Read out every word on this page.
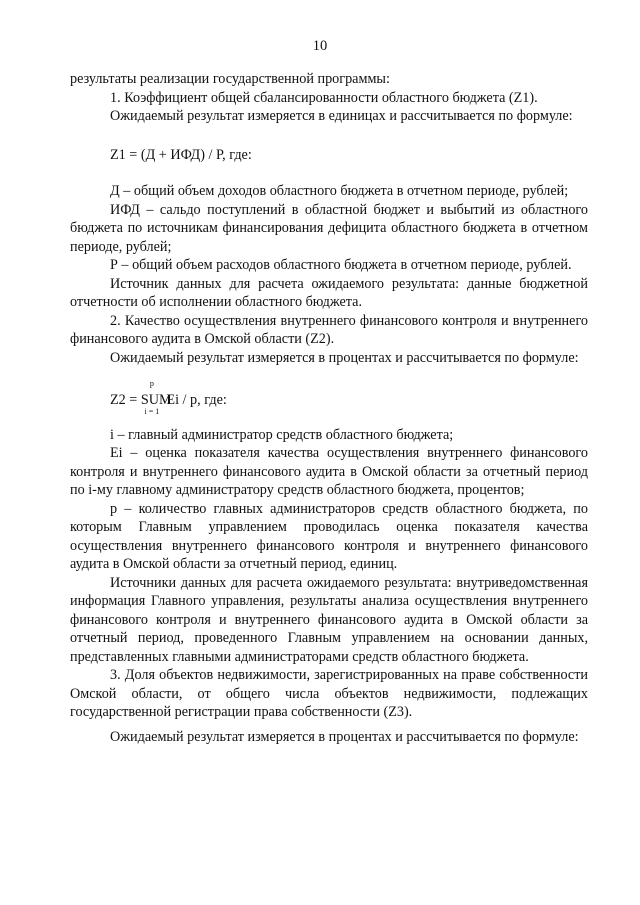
10

результаты реализации государственной программы:

1. Коэффициент общей сбалансированности областного бюджета (Z1).

Ожидаемый результат измеряется в единицах и рассчитывается по формуле:

Z1 = (Д + ИФД) / Р, где:

Д – общий объем доходов областного бюджета в отчетном периоде, рублей;

ИФД – сальдо поступлений в областной бюджет и выбытий из областного бюджета по источникам финансирования дефицита областного бюджета в отчетном периоде, рублей;

Р – общий объем расходов областного бюджета в отчетном периоде, рублей.

Источник данных для расчета ожидаемого результата: данные бюджетной отчетности об исполнении областного бюджета.

2. Качество осуществления внутреннего финансового контроля и внутреннего финансового аудита в Омской области (Z2).

Ожидаемый результат измеряется в процентах и рассчитывается по формуле:

Z2 =
p
SUM
i = 1
Ei / p, где:

i – главный администратор средств областного бюджета;

Ei – оценка показателя качества осуществления внутреннего финансового контроля и внутреннего финансового аудита в Омской области за отчетный период по i-му главному администратору средств областного бюджета, процентов;

p – количество главных администраторов средств областного бюджета, по которым Главным управлением проводилась оценка показателя качества осуществления внутреннего финансового контроля и внутреннего финансового аудита в Омской области за отчетный период, единиц.

Источники данных для расчета ожидаемого результата: внутриведомственная информация Главного управления, результаты анализа осуществления внутреннего финансового контроля и внутреннего финансового аудита в Омской области за отчетный период, проведенного Главным управлением на основании данных, представленных главными администраторами средств областного бюджета.

3. Доля объектов недвижимости, зарегистрированных на праве собственности Омской области, от общего числа объектов недвижимости, подлежащих государственной регистрации права собственности (Z3).

Ожидаемый результат измеряется в процентах и рассчитывается по формуле:
